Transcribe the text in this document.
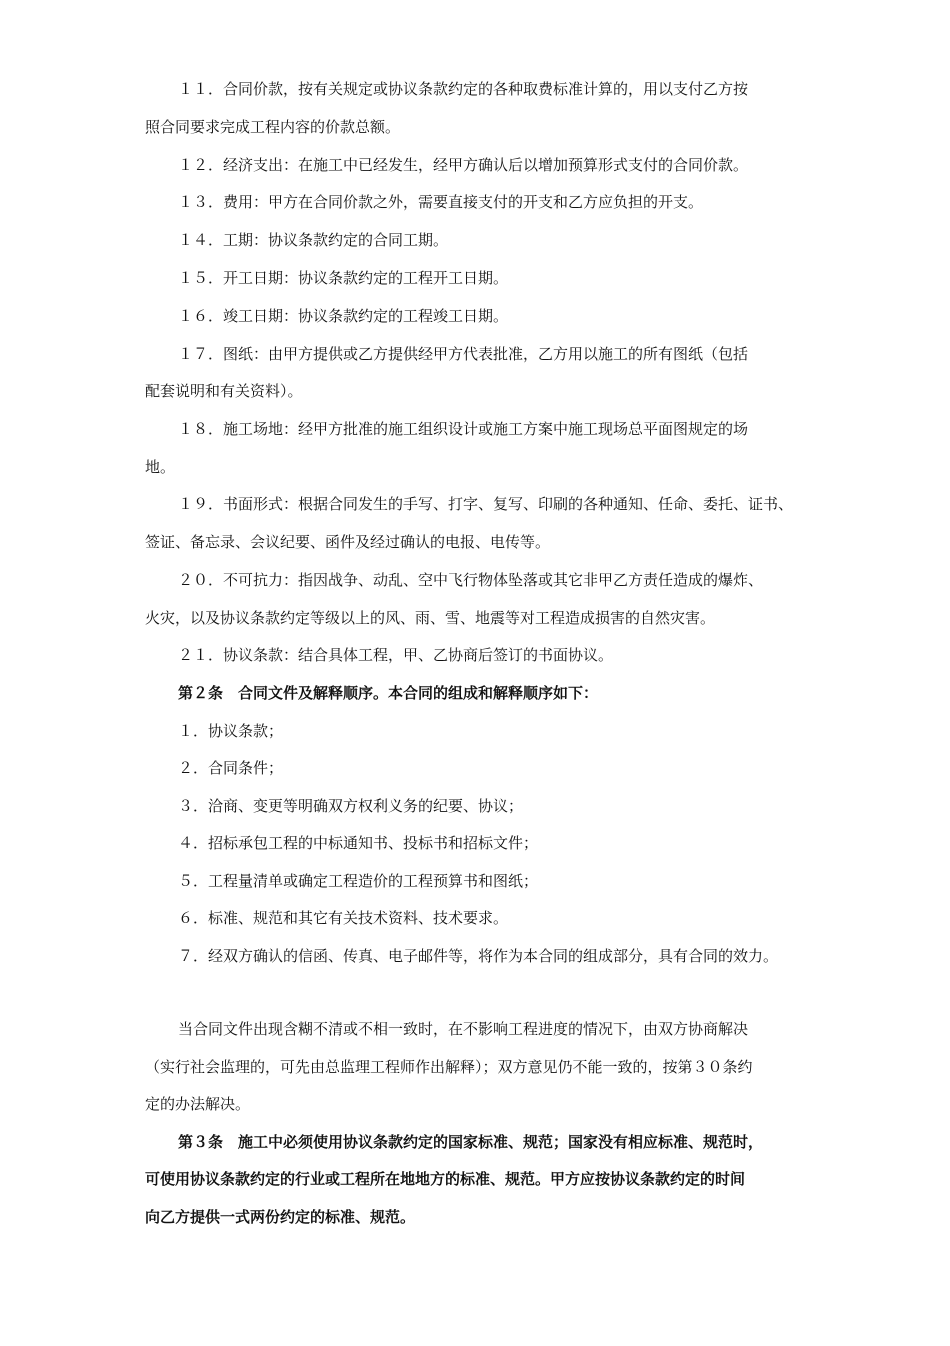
１１．合同价款，按有关规定或协议条款约定的各种取费标准计算的，用以支付乙方按
照合同要求完成工程内容的价款总额。
１２．经济支出：在施工中已经发生，经甲方确认后以增加预算形式支付的合同价款。
１３．费用：甲方在合同价款之外，需要直接支付的开支和乙方应负担的开支。
１４．工期：协议条款约定的合同工期。
１５．开工日期：协议条款约定的工程开工日期。
１６．竣工日期：协议条款约定的工程竣工日期。
１７．图纸：由甲方提供或乙方提供经甲方代表批准，乙方用以施工的所有图纸（包括
配套说明和有关资料）。
１８．施工场地：经甲方批准的施工组织设计或施工方案中施工现场总平面图规定的场
地。
１９．书面形式：根据合同发生的手写、打字、复写、印刷的各种通知、任命、委托、证书、
签证、备忘录、会议纪要、函件及经过确认的电报、电传等。
２０．不可抗力：指因战争、动乱、空中飞行物体坠落或其它非甲乙方责任造成的爆炸、
火灾，以及协议条款约定等级以上的风、雨、雪、地震等对工程造成损害的自然灾害。
２１．协议条款：结合具体工程，甲、乙协商后签订的书面协议。
第２条　合同文件及解释顺序。本合同的组成和解释顺序如下：
１．协议条款；
２．合同条件；
３．洽商、变更等明确双方权利义务的纪要、协议；
４．招标承包工程的中标通知书、投标书和招标文件；
５．工程量清单或确定工程造价的工程预算书和图纸；
６．标准、规范和其它有关技术资料、技术要求。
７．经双方确认的信函、传真、电子邮件等，将作为本合同的组成部分，具有合同的效力。
当合同文件出现含糊不清或不相一致时，在不影响工程进度的情况下，由双方协商解决
（实行社会监理的，可先由总监理工程师作出解释）；双方意见仍不能一致的，按第３０条约
定的办法解决。
第３条　施工中必须使用协议条款约定的国家标准、规范；国家没有相应标准、规范时，
可使用协议条款约定的行业或工程所在地地方的标准、规范。甲方应按协议条款约定的时间
向乙方提供一式两份约定的标准、规范。
